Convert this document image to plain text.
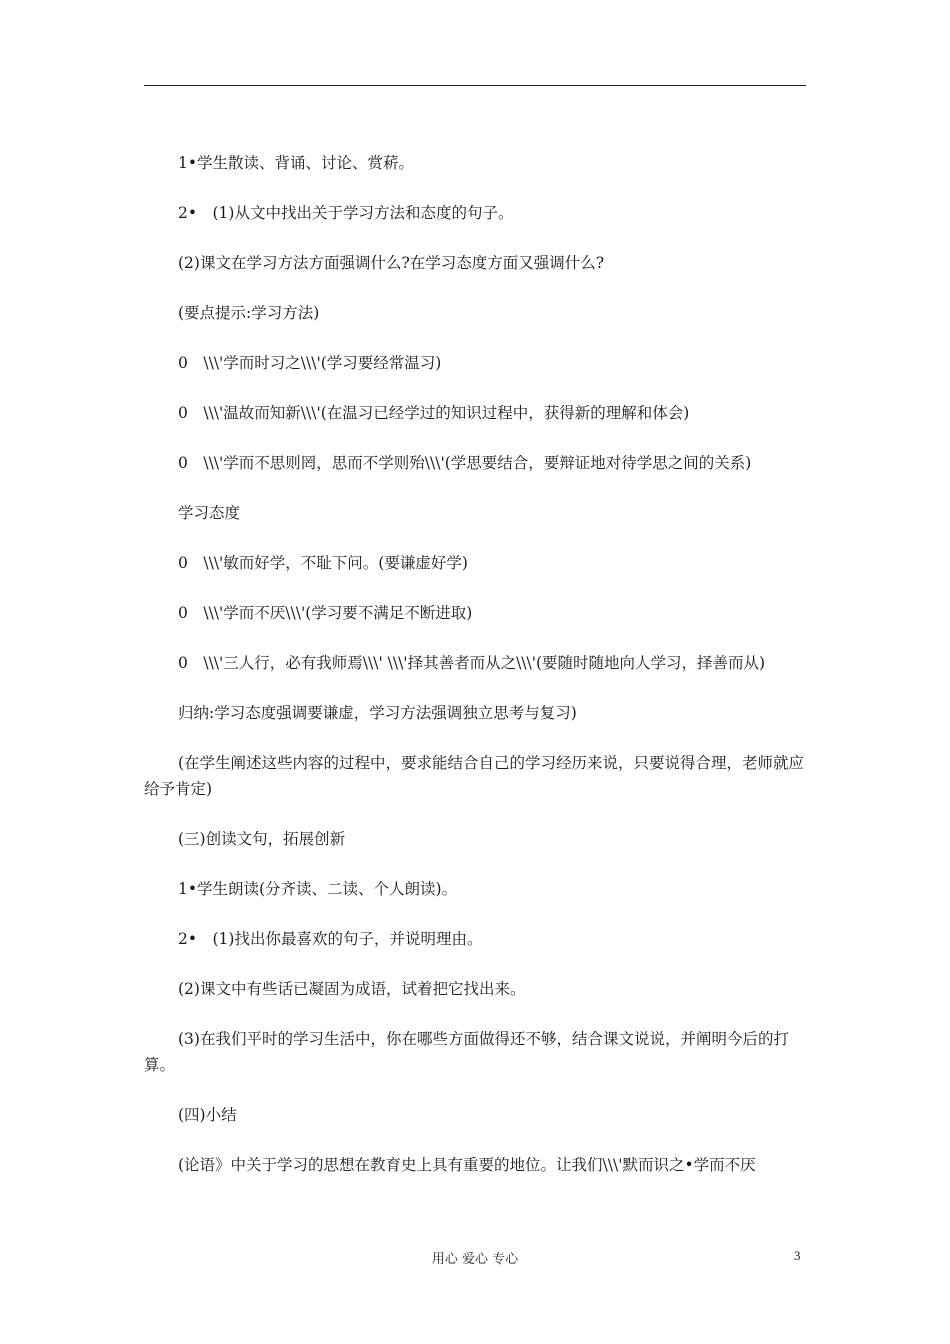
1•学生散读、背诵、讨论、赏菥。

2•　(1)从文中找出关于学习方法和态度的句子。

(2)课文在学习方法方面强调什么?在学习态度方面又强调什么?

(要点提示:学习方法)

0　\\\'学而时习之\\\'(学习要经常温习)

0　\\\'温故而知新\\\'(在温习已经学过的知识过程中，获得新的理解和体会)

0　\\\'学而不思则罔，思而不学则殆\\\'(学思要结合，要辩证地对待学思之间的关系)

学习态度

0　\\\'敏而好学，不耻下问。(要谦虚好学)

0　\\\'学而不厌\\\'(学习要不满足不断进取)

0　\\\'三人行，必有我师焉\\\' \\\'择其善者而从之\\\'(要随时随地向人学习，择善而从)

归纳:学习态度强调要谦虚，学习方法强调独立思考与复习)

(在学生阐述这些内容的过程中，要求能结合自己的学习经历来说，只要说得合理，老师就应给予肯定)

(三)创读文句，拓展创新

1•学生朗读(分齐读、二读、个人朗读)。

2•　(1)找出你最喜欢的句子，并说明理由。

(2)课文中有些话已凝固为成语，试着把它找出来。

(3)在我们平时的学习生活中，你在哪些方面做得还不够，结合课文说说，并阐明今后的打算。

(四)小结

(论语》中关于学习的思想在教育史上具有重要的地位。让我们\\\'默而识之•学而不厌

用心 爱心 专心	3
